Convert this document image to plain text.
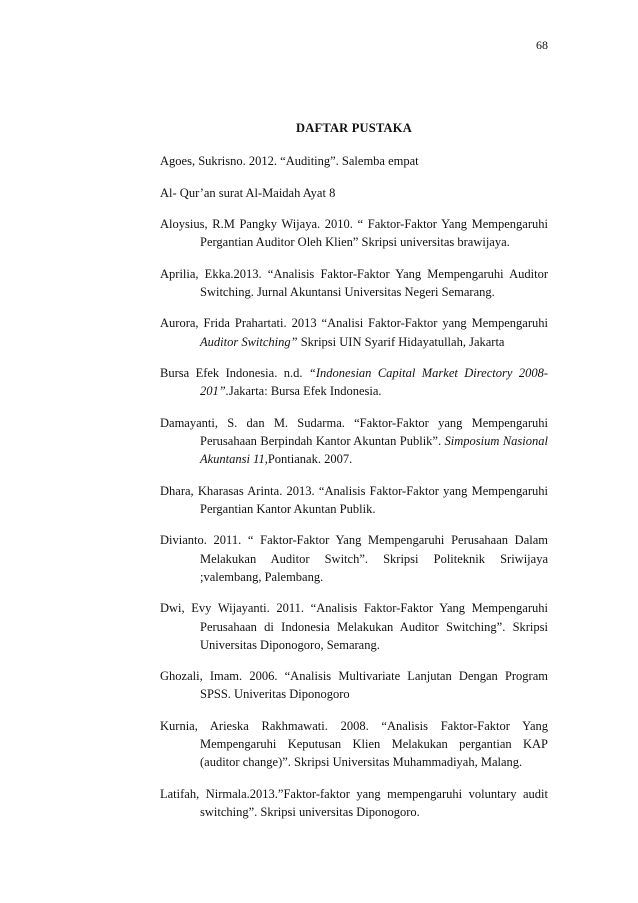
68
DAFTAR PUSTAKA

Agoes, Sukrisno. 2012. “Auditing”. Salemba empat

Al- Qur’an surat Al-Maidah Ayat 8

Aloysius, R.M Pangky Wijaya. 2010. “ Faktor-Faktor Yang Mempengaruhi Pergantian Auditor Oleh Klien” Skripsi universitas brawijaya.

Aprilia, Ekka.2013. “Analisis Faktor-Faktor Yang Mempengaruhi Auditor Switching. Jurnal Akuntansi Universitas Negeri Semarang.

Aurora, Frida Prahartati. 2013 “Analisi Faktor-Faktor yang Mempengaruhi Auditor Switching” Skripsi UIN Syarif Hidayatullah, Jakarta

Bursa Efek Indonesia. n.d. “Indonesian Capital Market Directory 2008-201”.Jakarta: Bursa Efek Indonesia.

Damayanti, S. dan M. Sudarma. “Faktor-Faktor yang Mempengaruhi Perusahaan Berpindah Kantor Akuntan Publik”. Simposium Nasional Akuntansi 11,Pontianak. 2007.

Dhara, Kharasas Arinta. 2013. “Analisis Faktor-Faktor yang Mempengaruhi Pergantian Kantor Akuntan Publik.

Divianto. 2011. “ Faktor-Faktor Yang Mempengaruhi Perusahaan Dalam Melakukan Auditor Switch”. Skripsi Politeknik Sriwijaya ;valembang, Palembang.

Dwi, Evy Wijayanti. 2011. “Analisis Faktor-Faktor Yang Mempengaruhi Perusahaan di Indonesia Melakukan Auditor Switching”. Skripsi Universitas Diponogoro, Semarang.

Ghozali, Imam. 2006. “Analisis Multivariate Lanjutan Dengan Program SPSS. Univeritas Diponogoro

Kurnia, Arieska Rakhmawati. 2008. “Analisis Faktor-Faktor Yang Mempengaruhi Keputusan Klien Melakukan pergantian KAP (auditor change)”. Skripsi Universitas Muhammadiyah, Malang.

Latifah, Nirmala.2013.”Faktor-faktor yang mempengaruhi voluntary audit switching”. Skripsi universitas Diponogoro.
